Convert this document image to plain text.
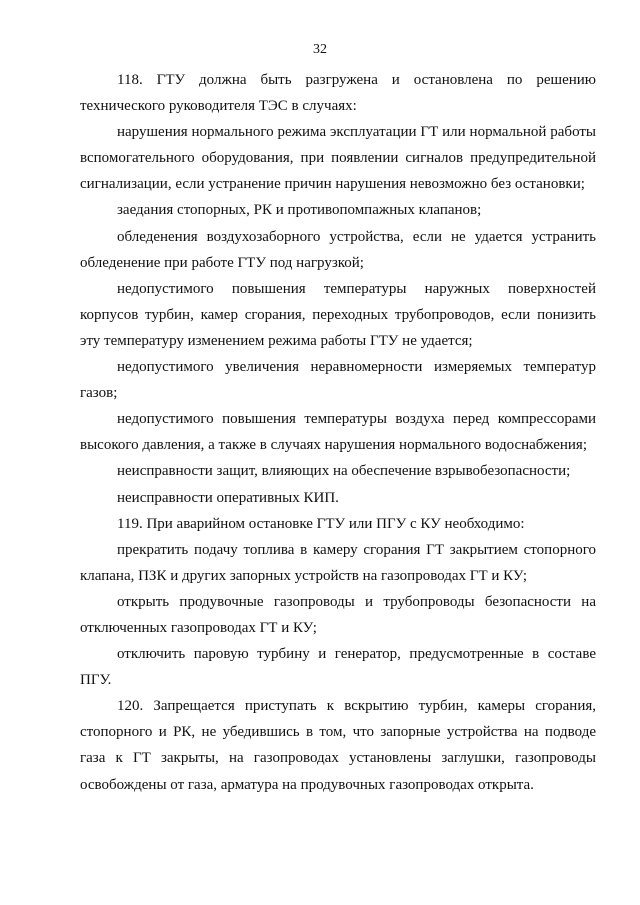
32

118. ГТУ должна быть разгружена и остановлена по решению технического руководителя ТЭС в случаях:

нарушения нормального режима эксплуатации ГТ или нормальной работы вспомогательного оборудования, при появлении сигналов предупредительной сигнализации, если устранение причин нарушения невозможно без остановки;

заедания стопорных, РК и противопомпажных клапанов;

обледенения воздухозаборного устройства, если не удается устранить обледенение при работе ГТУ под нагрузкой;

недопустимого повышения температуры наружных поверхностей корпусов турбин, камер сгорания, переходных трубопроводов, если понизить эту температуру изменением режима работы ГТУ не удается;

недопустимого увеличения неравномерности измеряемых температур газов;

недопустимого повышения температуры воздуха перед компрессорами высокого давления, а также в случаях нарушения нормального водоснабжения;

неисправности защит, влияющих на обеспечение взрывобезопасности;

неисправности оперативных КИП.

119. При аварийном остановке ГТУ или ПГУ с КУ необходимо:

прекратить подачу топлива в камеру сгорания ГТ закрытием стопорного клапана, ПЗК и других запорных устройств на газопроводах ГТ и КУ;

открыть продувочные газопроводы и трубопроводы безопасности на отключенных газопроводах ГТ и КУ;

отключить паровую турбину и генератор, предусмотренные в составе ПГУ.

120. Запрещается приступать к вскрытию турбин, камеры сгорания, стопорного и РК, не убедившись в том, что запорные устройства на подводе газа к ГТ закрыты, на газопроводах установлены заглушки, газопроводы освобождены от газа, арматура на продувочных газопроводах открыта.
